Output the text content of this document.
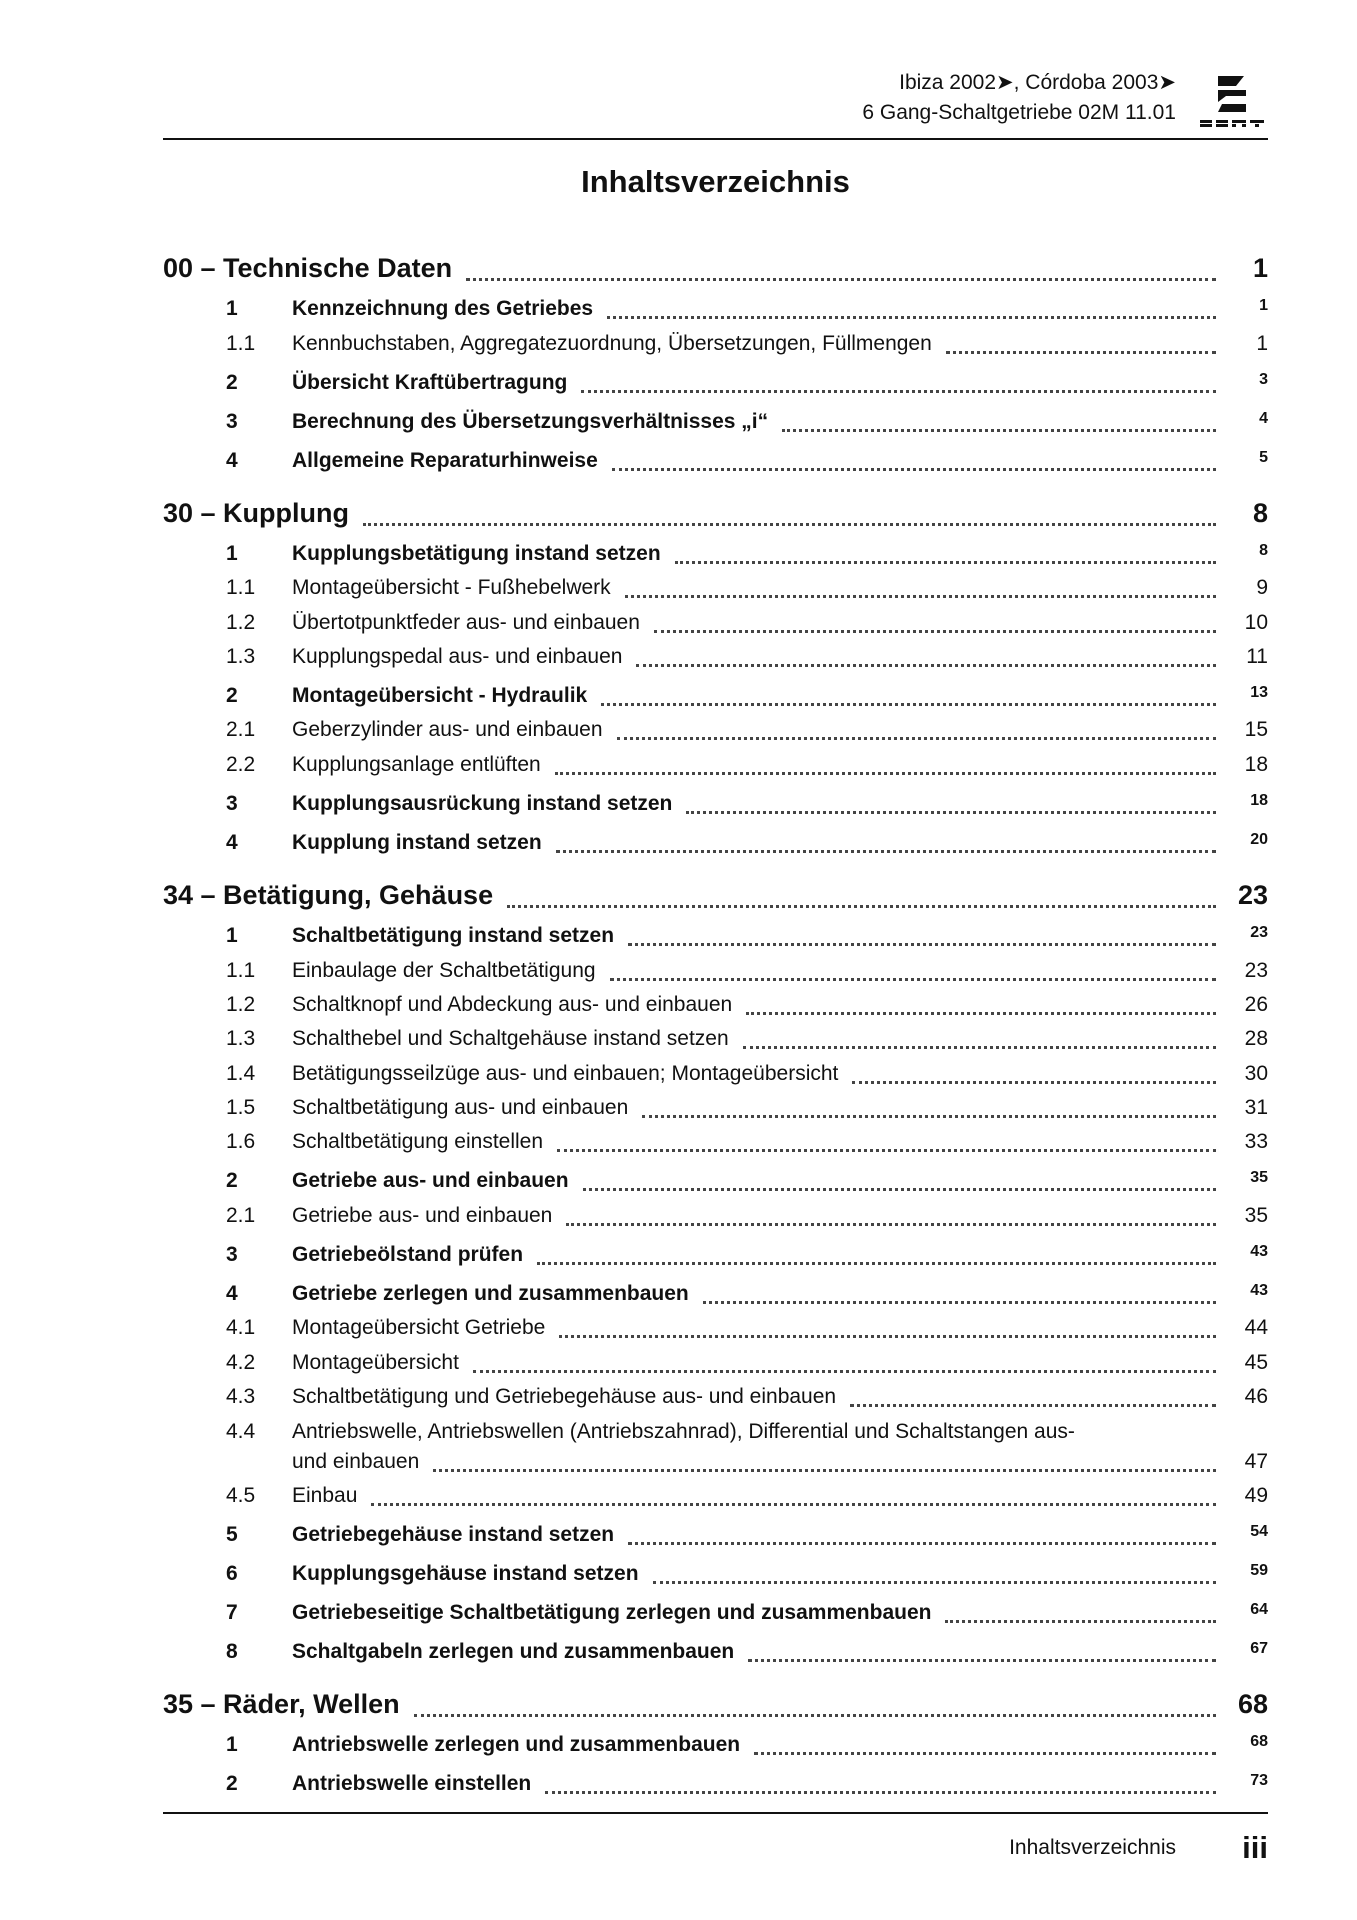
Ibiza 2002➤, Córdoba 2003➤
6 Gang-Schaltgetriebe 02M 11.01
SEAT
Inhaltsverzeichnis
00 – Technische Daten	1
1	Kennzeichnung des Getriebes	1
1.1 Kennbuchstaben, Aggregatezuordnung, Übersetzungen, Füllmengen	1
2	Übersicht Kraftübertragung	3
3	Berechnung des Übersetzungsverhältnisses „i“	4
4	Allgemeine Reparaturhinweise	5
30 – Kupplung	8
1	Kupplungsbetätigung instand setzen	8
1.1 Montageübersicht - Fußhebelwerk	9
1.2 Übertotpunktfeder aus- und einbauen	10
1.3 Kupplungspedal aus- und einbauen	11
2	Montageübersicht - Hydraulik	13
2.1 Geberzylinder aus- und einbauen	15
2.2 Kupplungsanlage entlüften	18
3	Kupplungsausrückung instand setzen	18
4	Kupplung instand setzen	20
34 – Betätigung, Gehäuse	23
1	Schaltbetätigung instand setzen	23
1.1 Einbaulage der Schaltbetätigung	23
1.2 Schaltknopf und Abdeckung aus- und einbauen	26
1.3 Schalthebel und Schaltgehäuse instand setzen	28
1.4 Betätigungsseilzüge aus- und einbauen; Montageübersicht	30
1.5 Schaltbetätigung aus- und einbauen	31
1.6 Schaltbetätigung einstellen	33
2	Getriebe aus- und einbauen	35
2.1 Getriebe aus- und einbauen	35
3	Getriebeölstand prüfen	43
4	Getriebe zerlegen und zusammenbauen	43
4.1 Montageübersicht Getriebe	44
4.2 Montageübersicht	45
4.3 Schaltbetätigung und Getriebegehäuse aus- und einbauen	46
4.4 Antriebswelle, Antriebswellen (Antriebszahnrad), Differential und Schaltstangen aus-
und einbauen	47
4.5 Einbau	49
5	Getriebegehäuse instand setzen	54
6	Kupplungsgehäuse instand setzen	59
7	Getriebeseitige Schaltbetätigung zerlegen und zusammenbauen	64
8	Schaltgabeln zerlegen und zusammenbauen	67
35 – Räder, Wellen	68
1	Antriebswelle zerlegen und zusammenbauen	68
2	Antriebswelle einstellen	73
Inhaltsverzeichnis iii
